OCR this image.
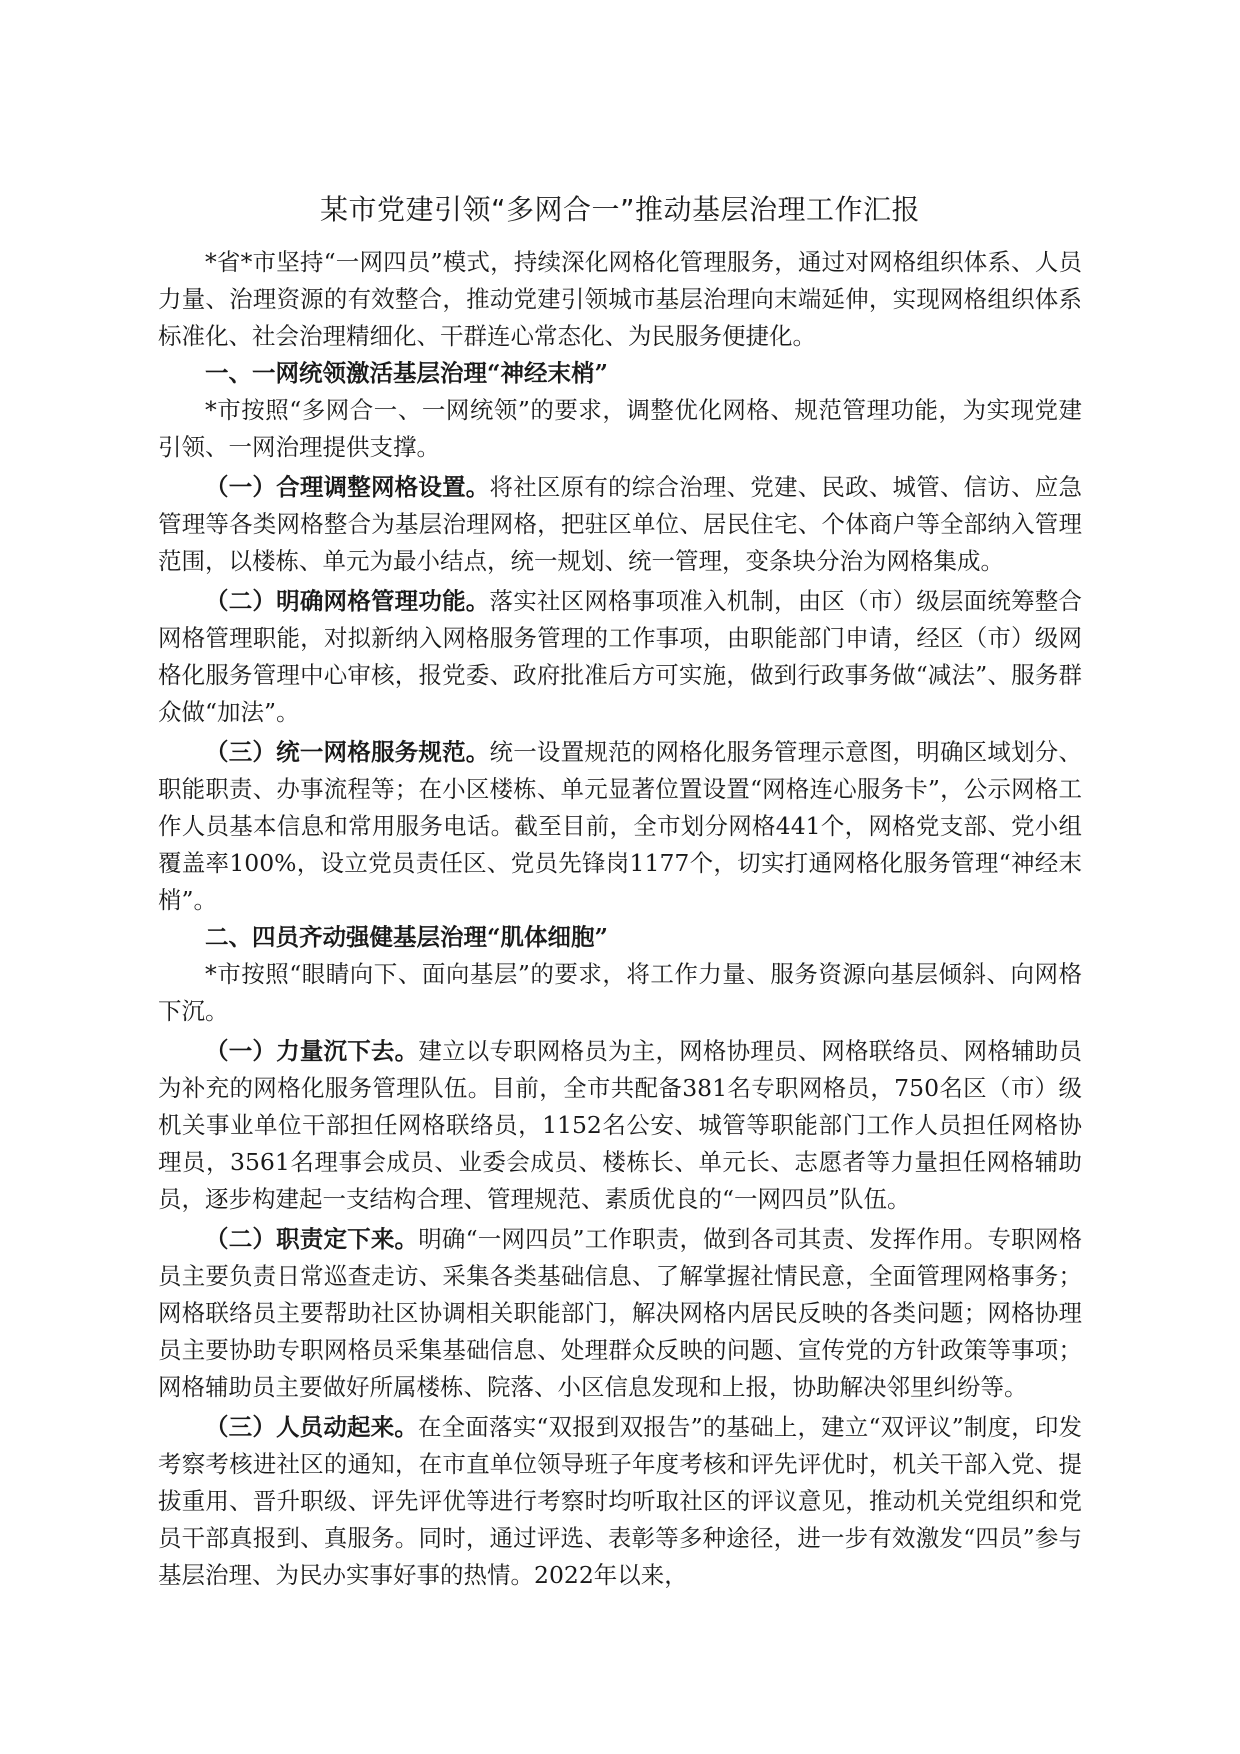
某市党建引领“多网合一”推动基层治理工作汇报

*省*市坚持“一网四员”模式，持续深化网格化管理服务，通过对网格组织体系、人员力量、治理资源的有效整合，推动党建引领城市基层治理向末端延伸，实现网格组织体系标准化、社会治理精细化、干群连心常态化、为民服务便捷化。

一、一网统领激活基层治理“神经末梢”

*市按照“多网合一、一网统领”的要求，调整优化网格、规范管理功能，为实现党建引领、一网治理提供支撑。

（一）合理调整网格设置。将社区原有的综合治理、党建、民政、城管、信访、应急管理等各类网格整合为基层治理网格，把驻区单位、居民住宅、个体商户等全部纳入管理范围，以楼栋、单元为最小结点，统一规划、统一管理，变条块分治为网格集成。

（二）明确网格管理功能。落实社区网格事项准入机制，由区（市）级层面统筹整合网格管理职能，对拟新纳入网格服务管理的工作事项，由职能部门申请，经区（市）级网格化服务管理中心审核，报党委、政府批准后方可实施，做到行政事务做“减法”、服务群众做“加法”。

（三）统一网格服务规范。统一设置规范的网格化服务管理示意图，明确区域划分、职能职责、办事流程等；在小区楼栋、单元显著位置设置“网格连心服务卡”，公示网格工作人员基本信息和常用服务电话。截至目前，全市划分网格441个，网格党支部、党小组覆盖率100%，设立党员责任区、党员先锋岗1177个，切实打通网格化服务管理“神经末梢”。

二、四员齐动强健基层治理“肌体细胞”

*市按照“眼睛向下、面向基层”的要求，将工作力量、服务资源向基层倾斜、向网格下沉。

（一）力量沉下去。建立以专职网格员为主，网格协理员、网格联络员、网格辅助员为补充的网格化服务管理队伍。目前，全市共配备381名专职网格员，750名区（市）级机关事业单位干部担任网格联络员，1152名公安、城管等职能部门工作人员担任网格协理员，3561名理事会成员、业委会成员、楼栋长、单元长、志愿者等力量担任网格辅助员，逐步构建起一支结构合理、管理规范、素质优良的“一网四员”队伍。

（二）职责定下来。明确“一网四员”工作职责，做到各司其责、发挥作用。专职网格员主要负责日常巡查走访、采集各类基础信息、了解掌握社情民意，全面管理网格事务；网格联络员主要帮助社区协调相关职能部门，解决网格内居民反映的各类问题；网格协理员主要协助专职网格员采集基础信息、处理群众反映的问题、宣传党的方针政策等事项；网格辅助员主要做好所属楼栋、院落、小区信息发现和上报，协助解决邻里纠纷等。

（三）人员动起来。在全面落实“双报到双报告”的基础上，建立“双评议”制度，印发考察考核进社区的通知，在市直单位领导班子年度考核和评先评优时，机关干部入党、提拔重用、晋升职级、评先评优等进行考察时均听取社区的评议意见，推动机关党组织和党员干部真报到、真服务。同时，通过评选、表彰等多种途径，进一步有效激发“四员”参与基层治理、为民办实事好事的热情。2022年以来，
